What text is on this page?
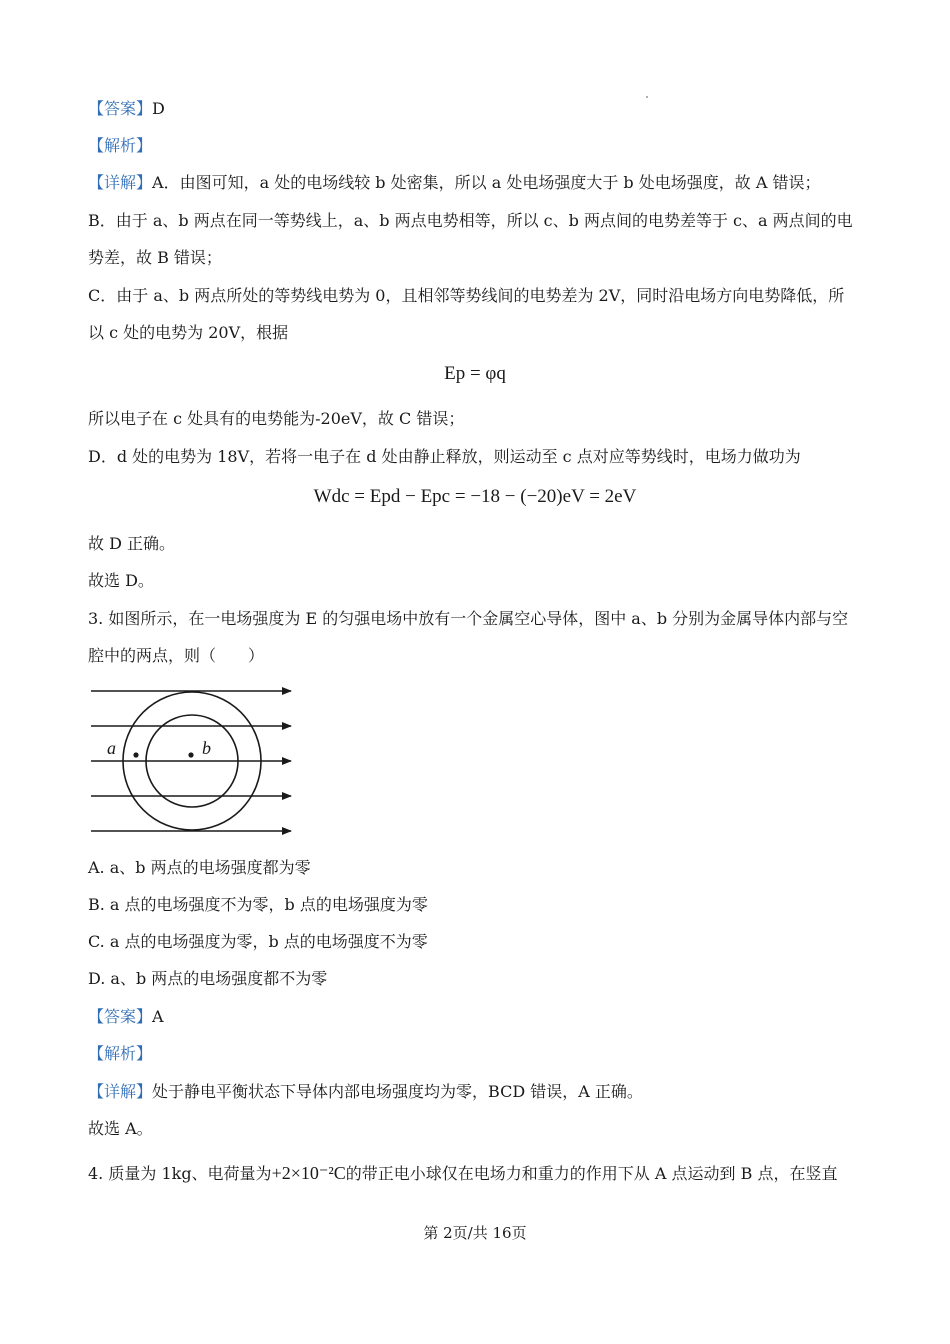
【答案】D
【解析】
【详解】A．由图可知，a 处的电场线较 b 处密集，所以 a 处电场强度大于 b 处电场强度，故 A 错误；
B．由于 a、b 两点在同一等势线上，a、b 两点电势相等，所以 c、b 两点间的电势差等于 c、a 两点间的电
势差，故 B 错误；
C．由于 a、b 两点所处的等势线电势为 0，且相邻等势线间的电势差为 2V，同时沿电场方向电势降低，所
以 c 处的电势为 20V，根据
Ep = φq
所以电子在 c 处具有的电势能为-20eV，故 C 错误；
D．d 处的电势为 18V，若将一电子在 d 处由静止释放，则运动至 c 点对应等势线时，电场力做功为
Wdc = Epd − Epc = −18 − (−20)eV = 2eV
故 D 正确。
故选 D。
3. 如图所示，在一电场强度为 E 的匀强电场中放有一个金属空心导体，图中 a、b 分别为金属导体内部与空
腔中的两点，则（　　）
a	b
A. a、b 两点的电场强度都为零
B. a 点的电场强度不为零，b 点的电场强度为零
C. a 点的电场强度为零，b 点的电场强度不为零
D. a、b 两点的电场强度都不为零
【答案】A
【解析】
【详解】处于静电平衡状态下导体内部电场强度均为零，BCD 错误，A 正确。
故选 A。
4. 质量为 1kg、电荷量为+2×10⁻²C的带正电小球仅在电场力和重力的作用下从 A 点运动到 B 点，在竖直
第 2页/共 16页
